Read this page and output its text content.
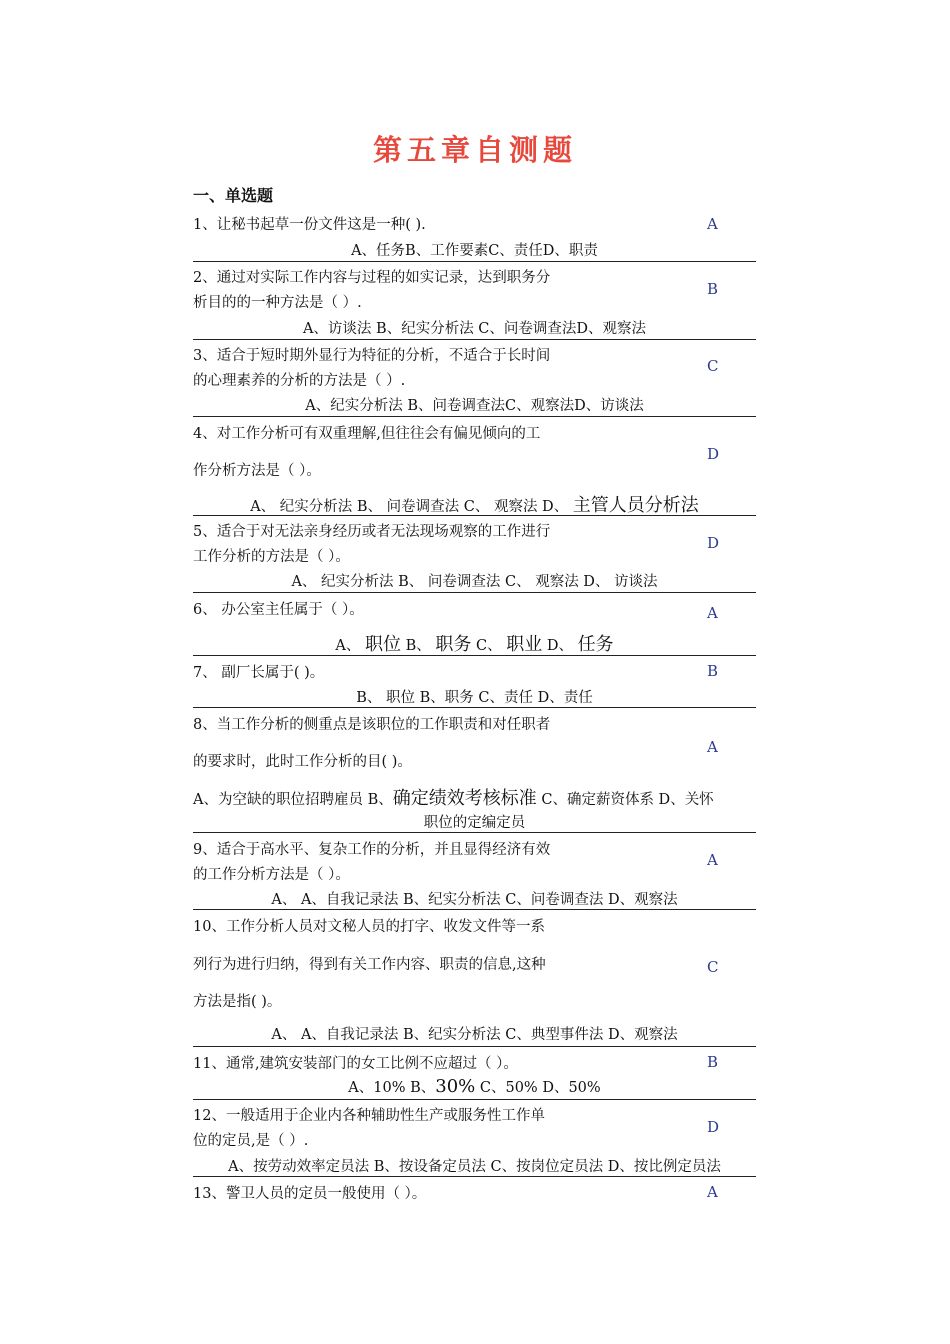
第五章自测题
一、单选题
1、让秘书起草一份文件这是一种( ).
A、任务B、工作要素C、责任D、职责
A
2、通过对实际工作内容与过程的如实记录，达到职务分
析目的的一种方法是（ ）.
A、访谈法 B、纪实分析法 C、问卷调查法D、观察法
B
3、适合于短时期外显行为特征的分析，不适合于长时间
的心理素养的分析的方法是（ ）.
A、纪实分析法 B、问卷调查法C、观察法D、访谈法
C
4、对工作分析可有双重理解,但往往会有偏见倾向的工
作分析方法是（ ）。
A、 纪实分析法 B、 问卷调查法 C、 观察法 D、 主管人员分析法
D
5、适合于对无法亲身经历或者无法现场观察的工作进行
工作分析的方法是（ ）。
A、 纪实分析法 B、 问卷调查法 C、 观察法 D、 访谈法
D
6、 办公室主任属于（ ）。
A、 职位 B、 职务 C、 职业 D、 任务
A
7、 副厂长属于( )。
B、 职位 B、职务 C、责任 D、责任
B
8、当工作分析的侧重点是该职位的工作职责和对任职者
的要求时，此时工作分析的目( )。
A、为空缺的职位招聘雇员 B、确定绩效考核标准 C、确定薪资体系 D、关怀
职位的定编定员
A
9、适合于高水平、复杂工作的分析，并且显得经济有效
的工作分析方法是（ ）。
A、 A、自我记录法 B、纪实分析法 C、问卷调查法 D、观察法
A
10、工作分析人员对文秘人员的打字、收发文件等一系
列行为进行归纳，得到有关工作内容、职责的信息,这种
方法是指( )。
A、 A、自我记录法 B、纪实分析法 C、典型事件法 D、观察法
C
11、通常,建筑安装部门的女工比例不应超过（ ）。
A、10% B、30% C、50% D、50%
B
12、一般适用于企业内各种辅助性生产或服务性工作单
位的定员,是（ ）.
A、按劳动效率定员法 B、按设备定员法 C、按岗位定员法 D、按比例定员法
D
13、警卫人员的定员一般使用（ ）。	A
